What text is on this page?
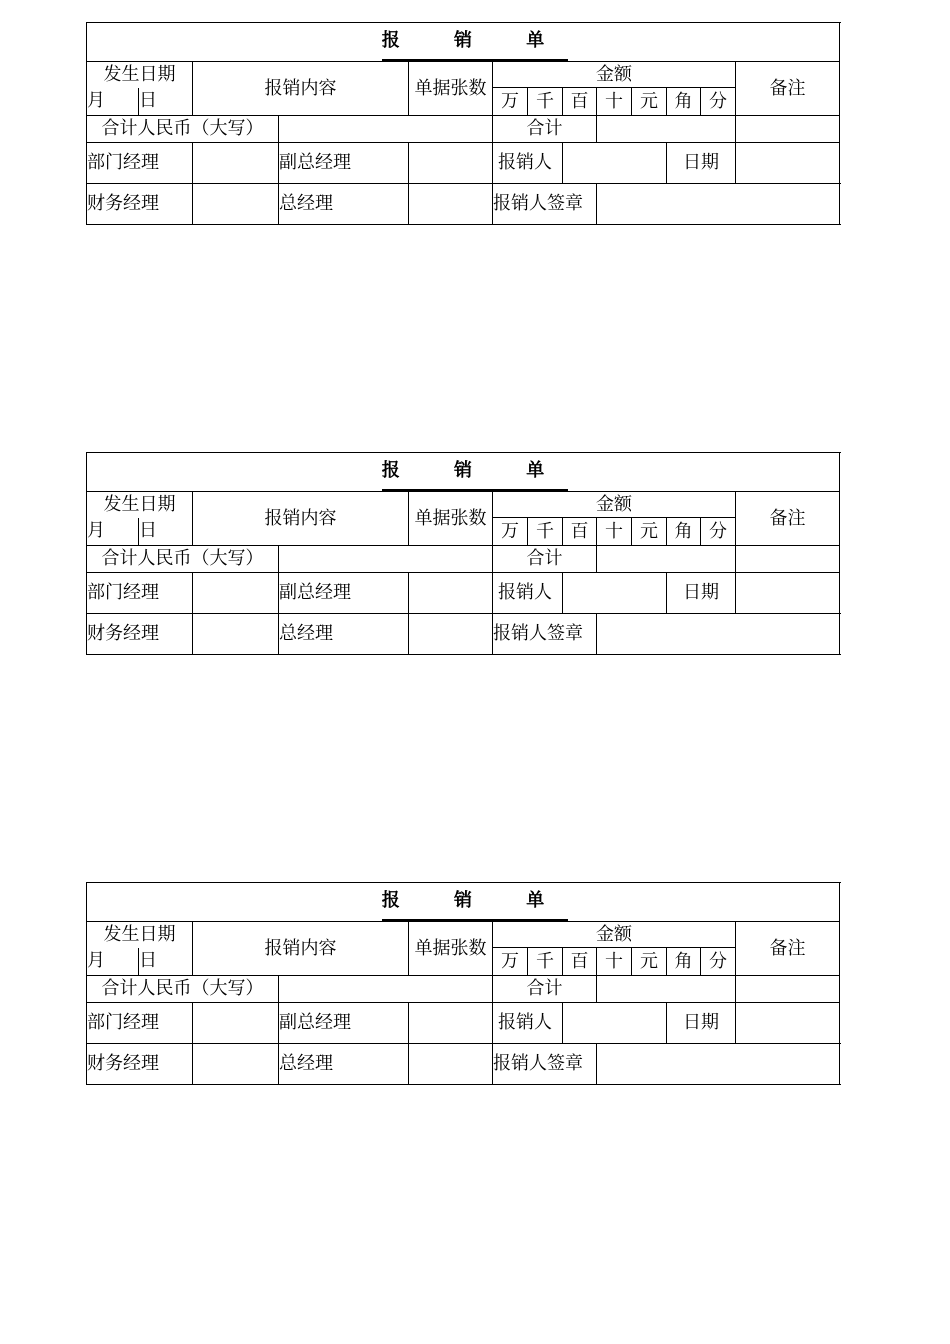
报 销 单												
发生日期		报销内容		单据张数	金额							备注
月	日				万	千	百	十	元	角	分	
合计人民币（大写）					合计							
部门经理			副总经理		报销人					日期		
财务经理			总经理		报销人签章							
报 销 单												
发生日期		报销内容		单据张数	金额							备注
月	日				万	千	百	十	元	角	分	
合计人民币（大写）					合计							
部门经理			副总经理		报销人					日期		
财务经理			总经理		报销人签章							
报 销 单												
发生日期		报销内容		单据张数	金额							备注
月	日				万	千	百	十	元	角	分	
合计人民币（大写）					合计							
部门经理			副总经理		报销人					日期		
财务经理			总经理		报销人签章							
